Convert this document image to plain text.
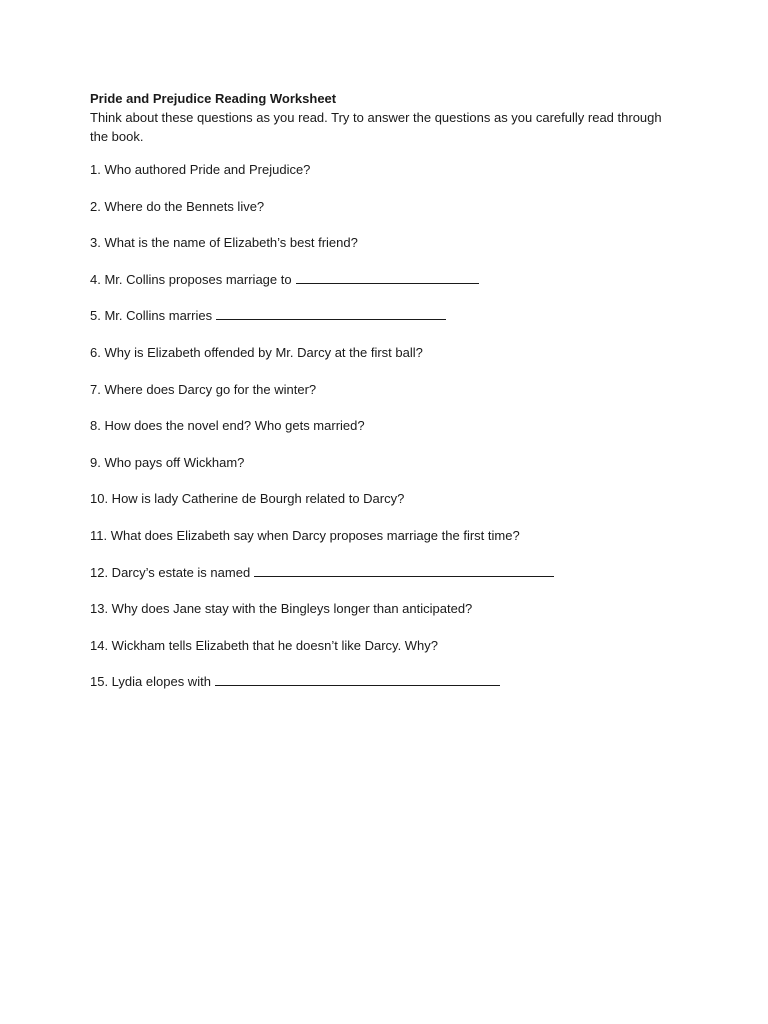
Pride and Prejudice Reading Worksheet

Think about these questions as you read. Try to answer the questions as you carefully read through the book.

1. Who authored Pride and Prejudice?
2. Where do the Bennets live?
3. What is the name of Elizabeth’s best friend?
4. Mr. Collins proposes marriage to
5. Mr. Collins marries
6. Why is Elizabeth offended by Mr. Darcy at the first ball?
7. Where does Darcy go for the winter?
8. How does the novel end? Who gets married?
9. Who pays off Wickham?
10. How is lady Catherine de Bourgh related to Darcy?
11. What does Elizabeth say when Darcy proposes marriage the first time?
12. Darcy’s estate is named
13. Why does Jane stay with the Bingleys longer than anticipated?
14. Wickham tells Elizabeth that he doesn’t like Darcy. Why?
15. Lydia elopes with
